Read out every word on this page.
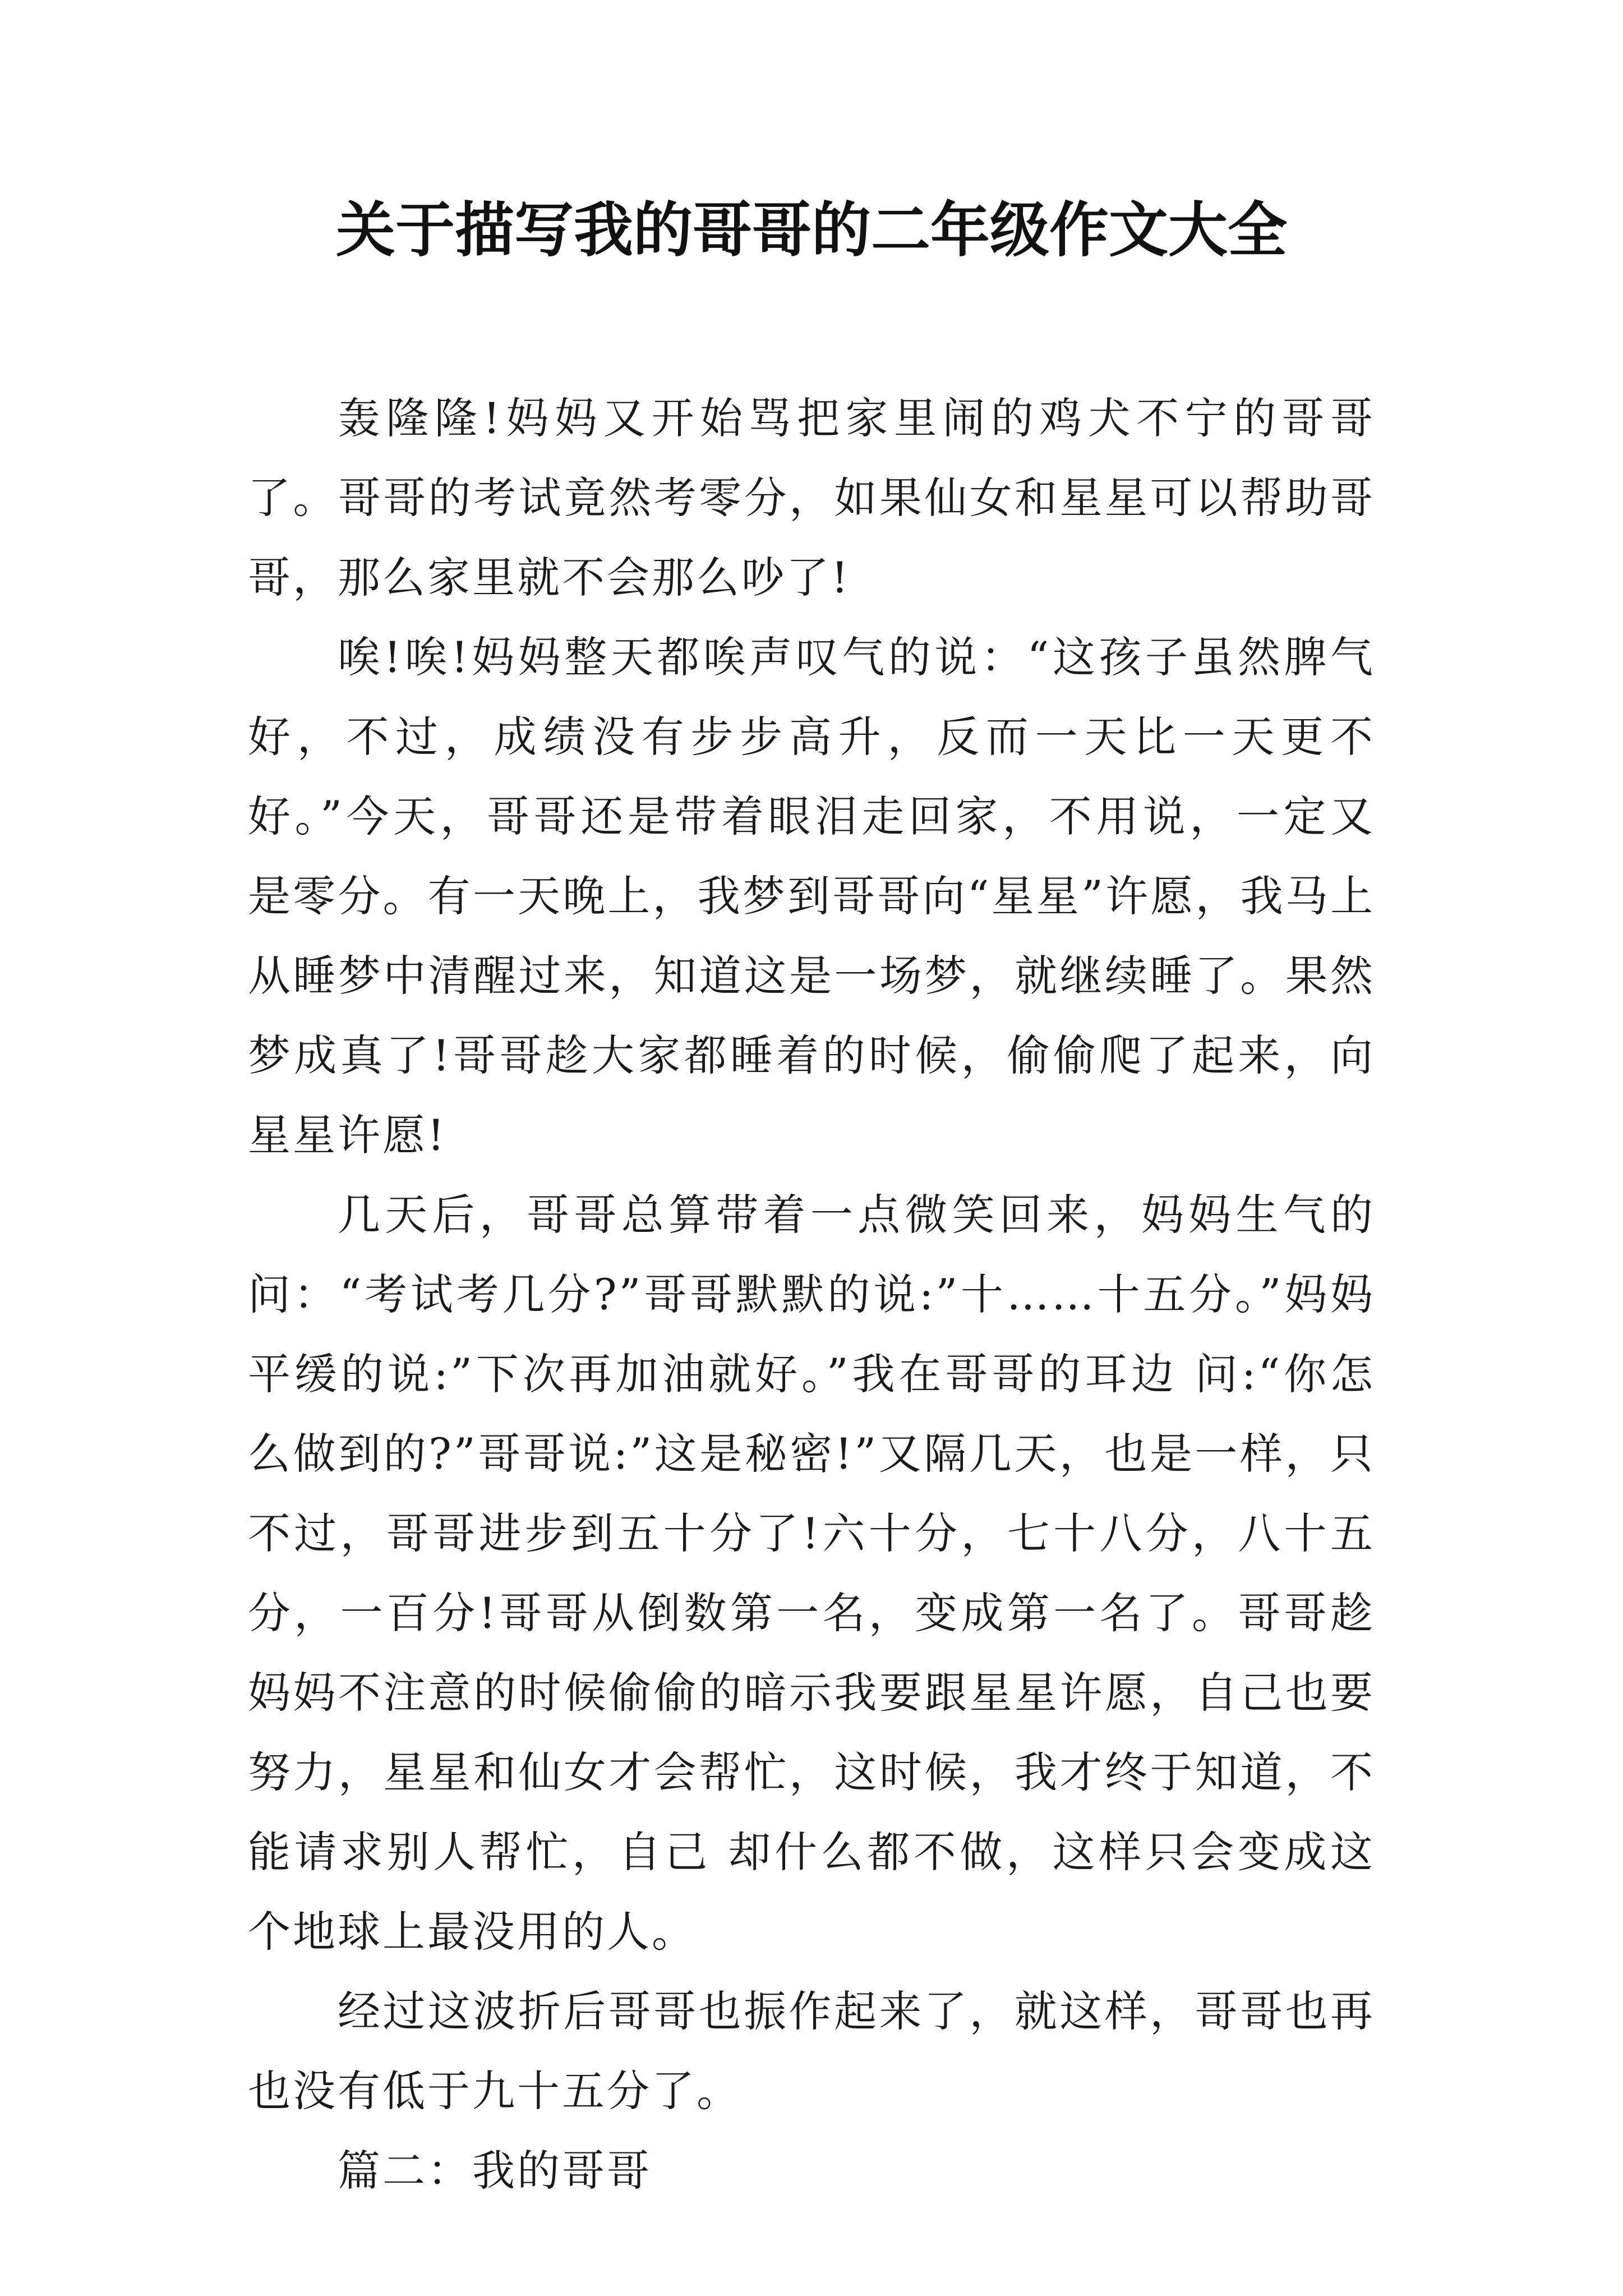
关于描写我的哥哥的二年级作文大全

轰隆隆!妈妈又开始骂把家里闹的鸡犬不宁的哥哥了。哥哥的考试竟然考零分，如果仙女和星星可以帮助哥哥，那么家里就不会那么吵了!

唉!唉!妈妈整天都唉声叹气的说：“这孩子虽然脾气好，不过，成绩没有步步高升，反而一天比一天更不好。”今天，哥哥还是带着眼泪走回家，不用说，一定又 是零分。有一天晚上，我梦到哥哥向“星星”许愿，我马上从睡梦中清醒过来，知道这是一场梦，就继续睡了。果然梦成真了!哥哥趁大家都睡着的时候，偷偷爬了起来，向星星许愿!

几天后，哥哥总算带着一点微笑回来，妈妈生气的问：“考试考几分?”哥哥默默的说:”十……十五分。”妈妈平缓的说:”下次再加油就好。”我在哥哥的耳边 问:“你怎么做到的?”哥哥说:”这是秘密!”又隔几天，也是一样，只不过，哥哥进步到五十分了!六十分，七十八分，八十五分，一百分!哥哥从倒数第一名，变成第一名了。哥哥趁妈妈不注意的时候偷偷的暗示我要跟星星许愿，自己也要努力，星星和仙女才会帮忙，这时候，我才终于知道，不能请求别人帮忙，自己 却什么都不做，这样只会变成这个地球上最没用的人。

经过这波折后哥哥也振作起来了，就这样，哥哥也再也没有低于九十五分了。

篇二：我的哥哥
